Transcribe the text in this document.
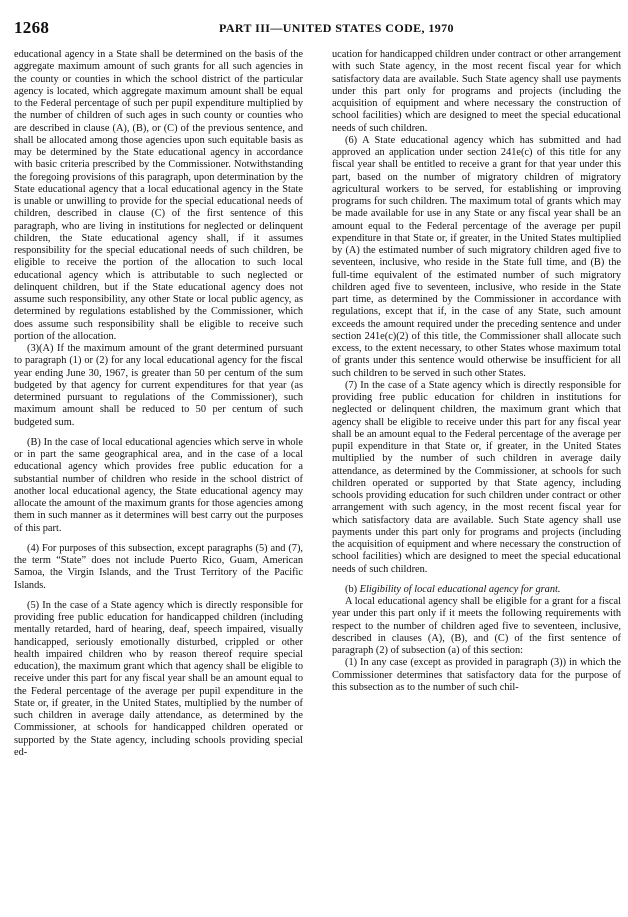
1268	PART III—UNITED STATES CODE, 1970

educational agency in a State shall be determined on the basis of the aggregate maximum amount of such grants for all such agencies in the county or counties in which the school district of the particular agency is located, which aggregate maximum amount shall be equal to the Federal percentage of such per pupil expenditure multiplied by the number of children of such ages in such county or counties who are described in clause (A), (B), or (C) of the previous sentence, and shall be allocated among those agencies upon such equitable basis as may be determined by the State educational agency in accordance with basic criteria prescribed by the Commissioner. Notwithstanding the foregoing provisions of this paragraph, upon determination by the State educational agency that a local educational agency in the State is unable or unwilling to provide for the special educational needs of children, described in clause (C) of the first sentence of this paragraph, who are living in institutions for neglected or delinquent children, the State educational agency shall, if it assumes responsibility for the special educational needs of such children, be eligible to receive the portion of the allocation to such local educational agency which is attributable to such neglected or delinquent children, but if the State educational agency does not assume such responsibility, any other State or local public agency, as determined by regulations established by the Commissioner, which does assume such responsibility shall be eligible to receive such portion of the allocation.

(3)(A) If the maximum amount of the grant determined pursuant to paragraph (1) or (2) for any local educational agency for the fiscal year ending June 30, 1967, is greater than 50 per centum of the sum budgeted by that agency for current expenditures for that year (as determined pursuant to regulations of the Commissioner), such maximum amount shall be reduced to 50 per centum of such budgeted sum.

(B) In the case of local educational agencies which serve in whole or in part the same geographical area, and in the case of a local educational agency which provides free public education for a substantial number of children who reside in the school district of another local educational agency, the State educational agency may allocate the amount of the maximum grants for those agencies among them in such manner as it determines will best carry out the purposes of this part.

(4) For purposes of this subsection, except paragraphs (5) and (7), the term “State” does not include Puerto Rico, Guam, American Samoa, the Virgin Islands, and the Trust Territory of the Pacific Islands.

(5) In the case of a State agency which is directly responsible for providing free public education for handicapped children (including mentally retarded, hard of hearing, deaf, speech impaired, visually handicapped, seriously emotionally disturbed, crippled or other health impaired children who by reason thereof require special education), the maximum grant which that agency shall be eligible to receive under this part for any fiscal year shall be an amount equal to the Federal percentage of the average per pupil expenditure in the State or, if greater, in the United States, multiplied by the number of such children in average daily attendance, as determined by the Commissioner, at schools for handicapped children operated or supported by the State agency, including schools providing special ed-

ucation for handicapped children under contract or other arrangement with such State agency, in the most recent fiscal year for which satisfactory data are available. Such State agency shall use payments under this part only for programs and projects (including the acquisition of equipment and where necessary the construction of school facilities) which are designed to meet the special educational needs of such children.

(6) A State educational agency which has submitted and had approved an application under section 241e(c) of this title for any fiscal year shall be entitled to receive a grant for that year under this part, based on the number of migratory children of migratory agricultural workers to be served, for establishing or improving programs for such children. The maximum total of grants which may be made available for use in any State or any fiscal year shall be an amount equal to the Federal percentage of the average per pupil expenditure in that State or, if greater, in the United States multiplied by (A) the estimated number of such migratory children aged five to seventeen, inclusive, who reside in the State full time, and (B) the full-time equivalent of the estimated number of such migratory children aged five to seventeen, inclusive, who reside in the State part time, as determined by the Commissioner in accordance with regulations, except that if, in the case of any State, such amount exceeds the amount required under the preceding sentence and under section 241e(c)(2) of this title, the Commissioner shall allocate such excess, to the extent necessary, to other States whose maximum total of grants under this sentence would otherwise be insufficient for all such children to be served in such other States.

(7) In the case of a State agency which is directly responsible for providing free public education for children in institutions for neglected or delinquent children, the maximum grant which that agency shall be eligible to receive under this part for any fiscal year shall be an amount equal to the Federal percentage of the average per pupil expenditure in that State or, if greater, in the United States multiplied by the number of such children in average daily attendance, as determined by the Commissioner, at schools for such children operated or supported by that State agency, including schools providing education for such children under contract or other arrangement with such agency, in the most recent fiscal year for which satisfactory data are available. Such State agency shall use payments under this part only for programs and projects (including the acquisition of equipment and where necessary the construction of school facilities) which are designed to meet the special educational needs of such children.

(b) Eligibility of local educational agency for grant.

A local educational agency shall be eligible for a grant for a fiscal year under this part only if it meets the following requirements with respect to the number of children aged five to seventeen, inclusive, described in clauses (A), (B), and (C) of the first sentence of paragraph (2) of subsection (a) of this section:

(1) In any case (except as provided in paragraph (3)) in which the Commissioner determines that satisfactory data for the purpose of this subsection as to the number of such chil-
